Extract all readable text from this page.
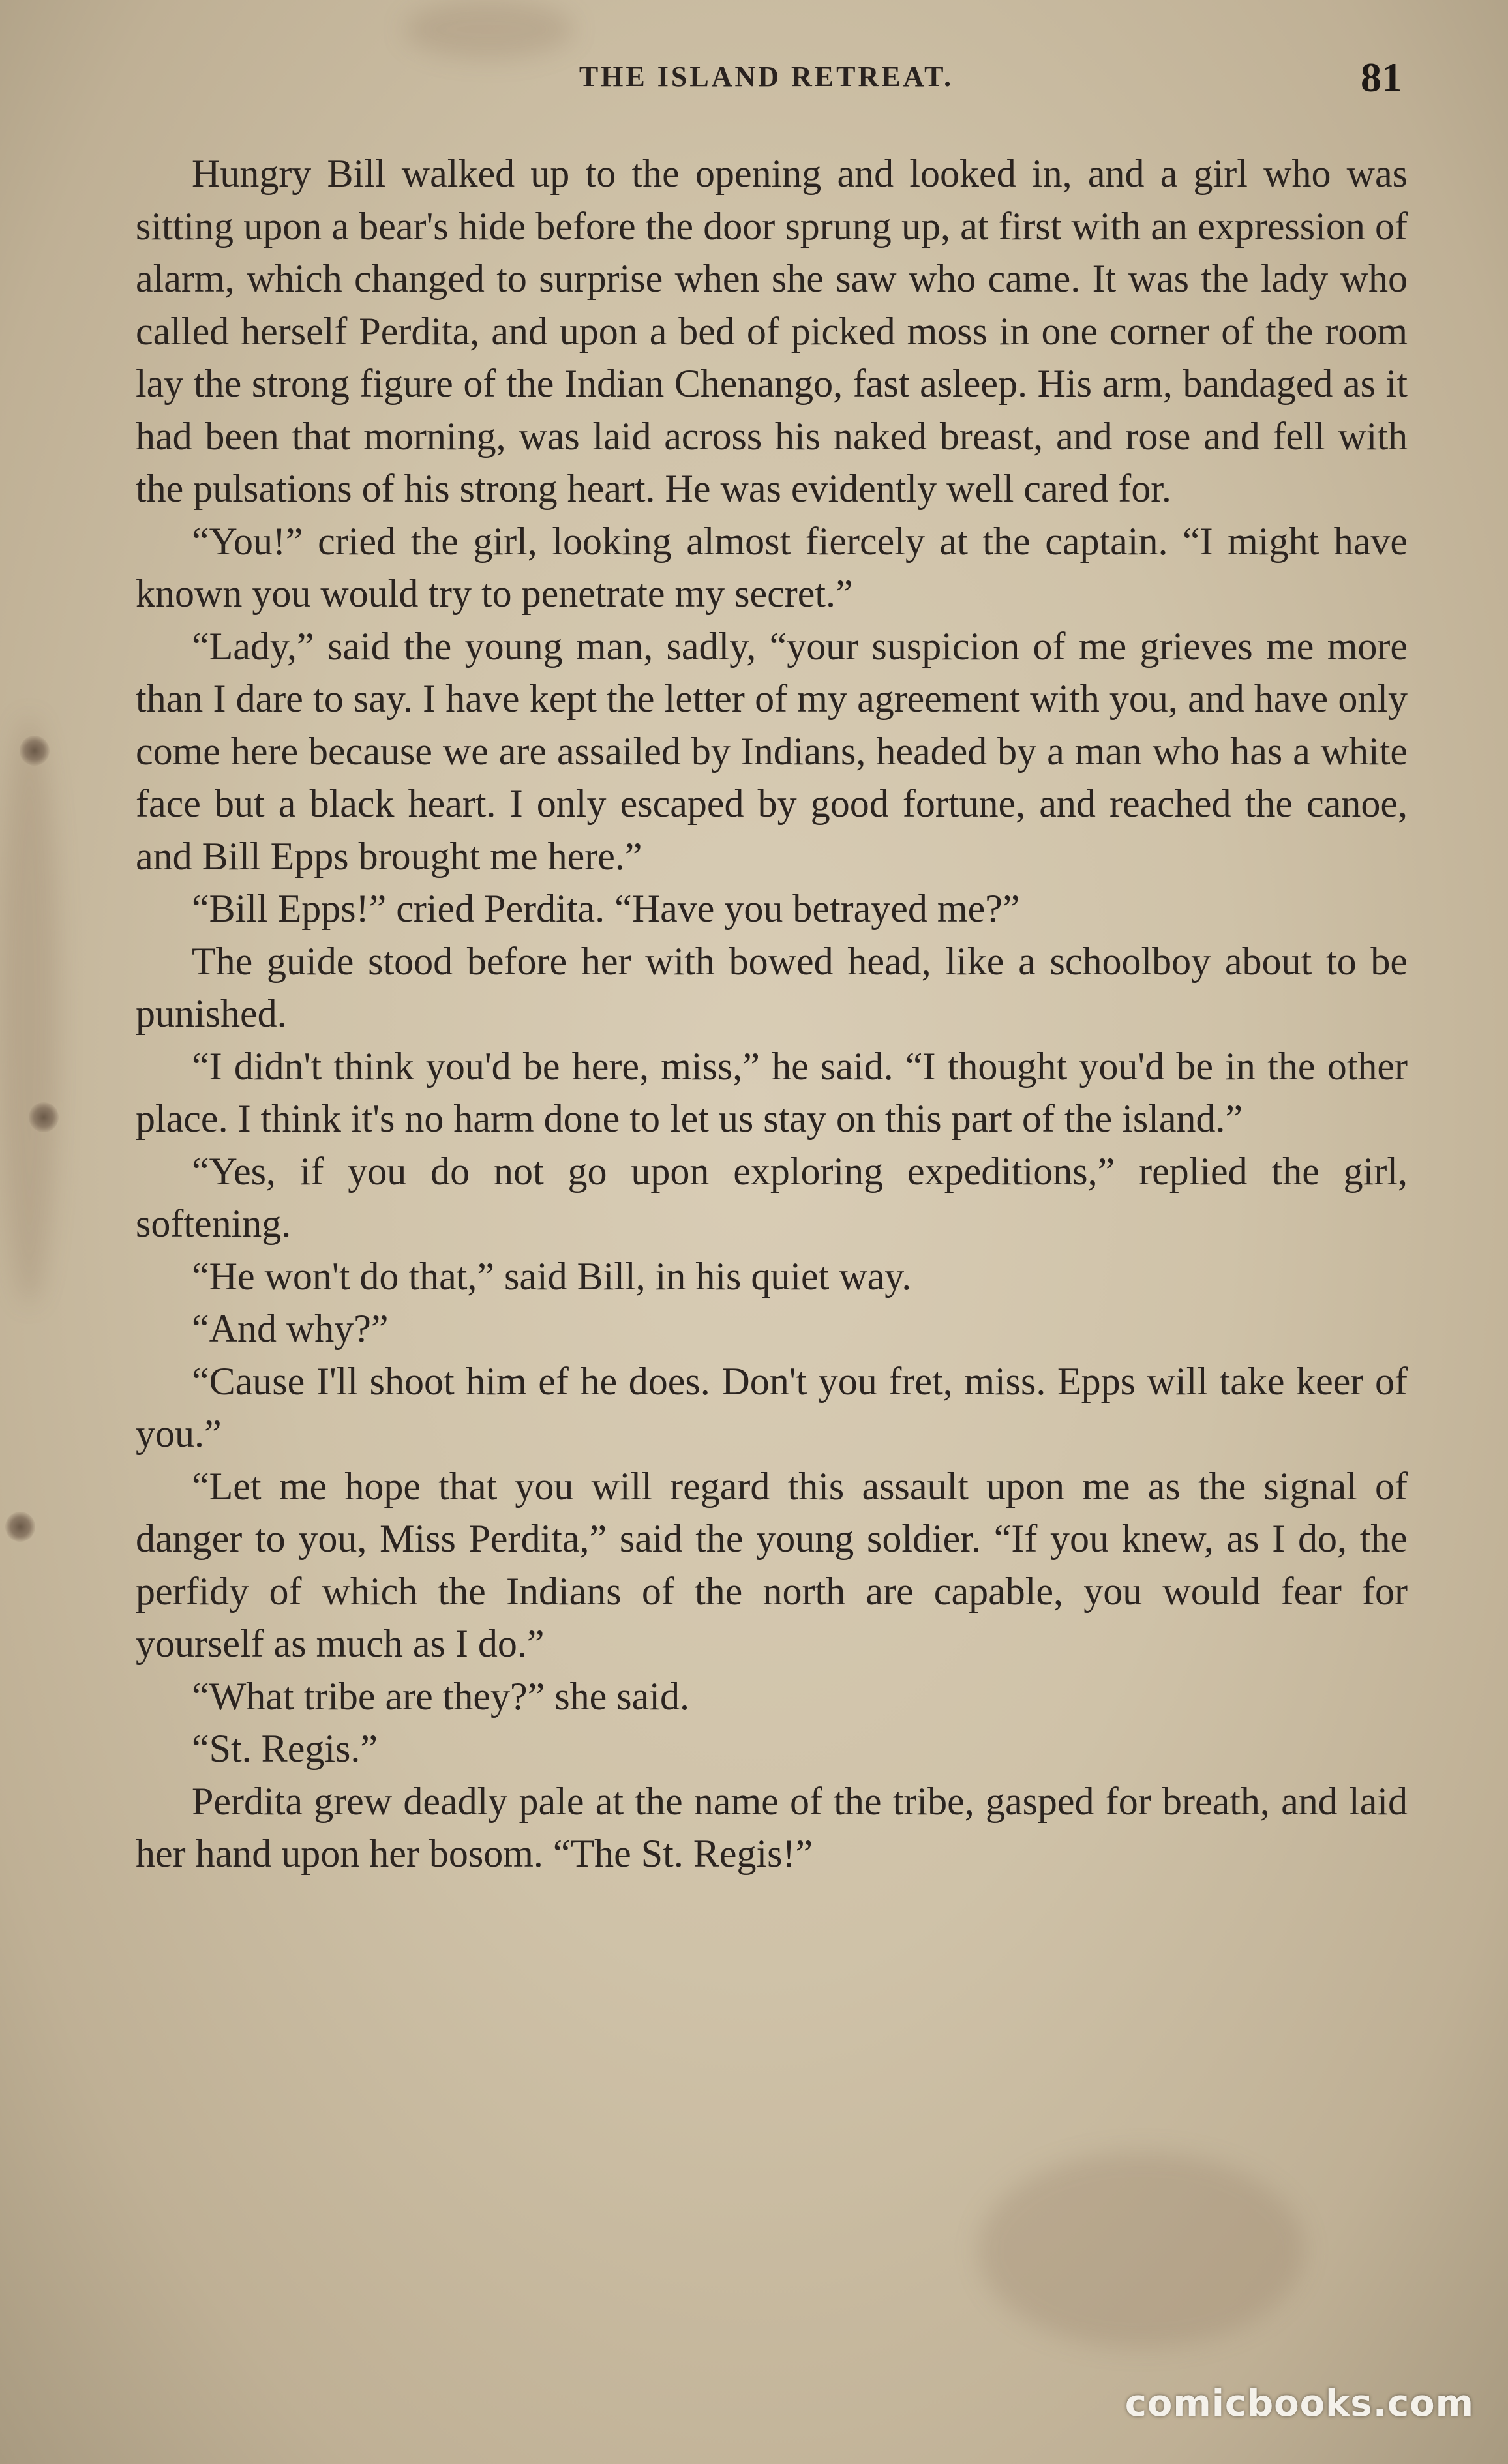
THE ISLAND RETREAT.	81

Hungry Bill walked up to the opening and looked in, and a girl who was sitting upon a bear's hide before the door sprung up, at first with an expression of alarm, which changed to surprise when she saw who came. It was the lady who called herself Perdita, and upon a bed of picked moss in one corner of the room lay the strong figure of the Indian Chenango, fast asleep. His arm, bandaged as it had been that morning, was laid across his naked breast, and rose and fell with the pulsations of his strong heart. He was evidently well cared for.

“You!” cried the girl, looking almost fiercely at the captain. “I might have known you would try to penetrate my secret.”

“Lady,” said the young man, sadly, “your suspicion of me grieves me more than I dare to say. I have kept the letter of my agreement with you, and have only come here because we are assailed by Indians, headed by a man who has a white face but a black heart. I only escaped by good fortune, and reached the canoe, and Bill Epps brought me here.”

“Bill Epps!” cried Perdita. “Have you betrayed me?”

The guide stood before her with bowed head, like a schoolboy about to be punished.

“I didn't think you'd be here, miss,” he said. “I thought you'd be in the other place. I think it's no harm done to let us stay on this part of the island.”

“Yes, if you do not go upon exploring expeditions,” replied the girl, softening.

“He won't do that,” said Bill, in his quiet way.

“And why?”

“Cause I'll shoot him ef he does. Don't you fret, miss. Epps will take keer of you.”

“Let me hope that you will regard this assault upon me as the signal of danger to you, Miss Perdita,” said the young soldier. “If you knew, as I do, the perfidy of which the Indians of the north are capable, you would fear for yourself as much as I do.”

“What tribe are they?” she said.

“St. Regis.”

Perdita grew deadly pale at the name of the tribe, gasped for breath, and laid her hand upon her bosom. “The St. Regis!”

comicbooks.com
